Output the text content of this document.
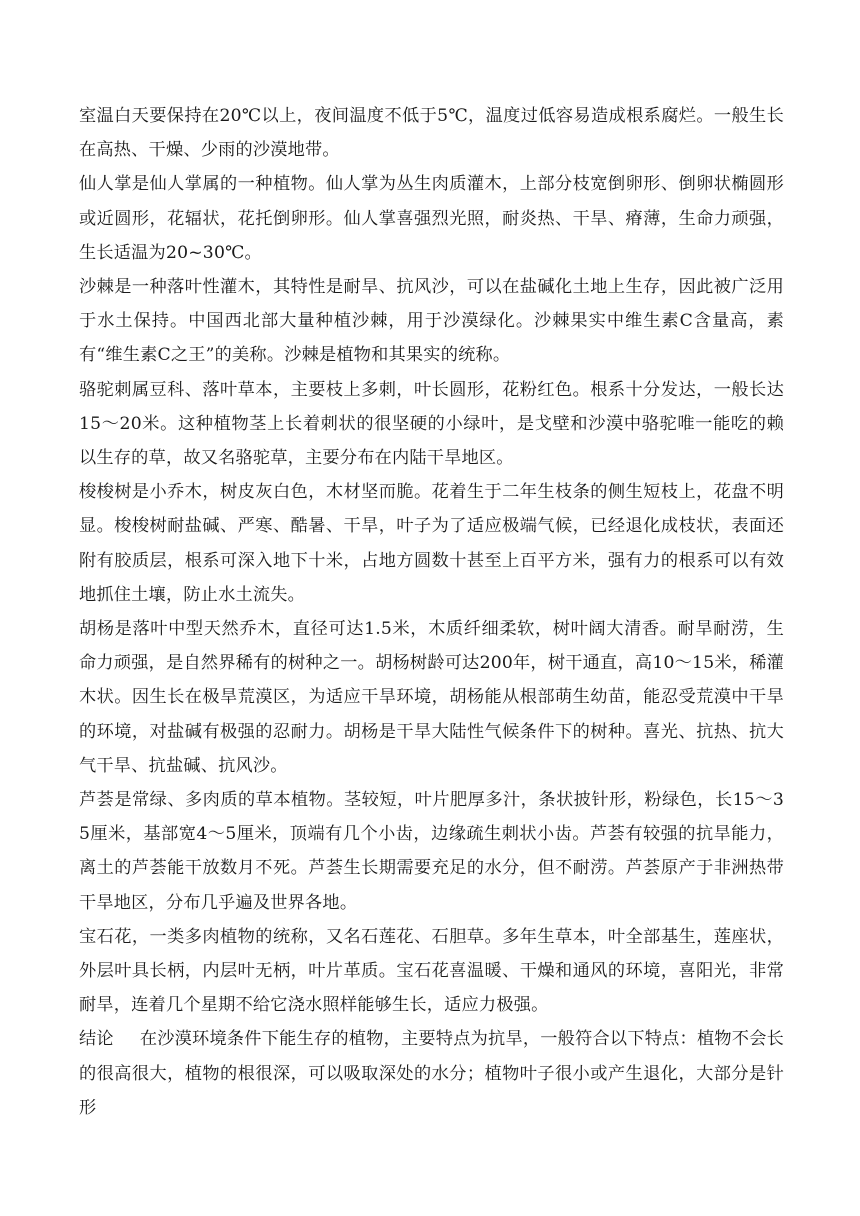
室温白天要保持在20℃以上，夜间温度不低于5℃，温度过低容易造成根系腐烂。一般生长在高热、干燥、少雨的沙漠地带。

仙人掌是仙人掌属的一种植物。仙人掌为丛生肉质灌木，上部分枝宽倒卵形、倒卵状椭圆形或近圆形，花辐状，花托倒卵形。仙人掌喜强烈光照，耐炎热、干旱、瘠薄，生命力顽强，生长适温为20~30℃。

沙棘是一种落叶性灌木，其特性是耐旱、抗风沙，可以在盐碱化土地上生存，因此被广泛用于水土保持。中国西北部大量种植沙棘，用于沙漠绿化。沙棘果实中维生素C含量高，素有“维生素C之王”的美称。沙棘是植物和其果实的统称。

骆驼刺属豆科、落叶草本，主要枝上多刺，叶长圆形，花粉红色。根系十分发达，一般长达15～20米。这种植物茎上长着刺状的很坚硬的小绿叶，是戈壁和沙漠中骆驼唯一能吃的赖以生存的草，故又名骆驼草，主要分布在内陆干旱地区。

梭梭树是小乔木，树皮灰白色，木材坚而脆。花着生于二年生枝条的侧生短枝上，花盘不明显。梭梭树耐盐碱、严寒、酷暑、干旱，叶子为了适应极端气候，已经退化成枝状，表面还附有胶质层，根系可深入地下十米，占地方圆数十甚至上百平方米，强有力的根系可以有效地抓住土壤，防止水土流失。

胡杨是落叶中型天然乔木，直径可达1.5米，木质纤细柔软，树叶阔大清香。耐旱耐涝，生命力顽强，是自然界稀有的树种之一。胡杨树龄可达200年，树干通直，高10～15米，稀灌木状。因生长在极旱荒漠区，为适应干旱环境，胡杨能从根部萌生幼苗，能忍受荒漠中干旱的环境，对盐碱有极强的忍耐力。胡杨是干旱大陆性气候条件下的树种。喜光、抗热、抗大气干旱、抗盐碱、抗风沙。

芦荟是常绿、多肉质的草本植物。茎较短，叶片肥厚多汁，条状披针形，粉绿色，长15～35厘米，基部宽4～5厘米，顶端有几个小齿，边缘疏生刺状小齿。芦荟有较强的抗旱能力，离土的芦荟能干放数月不死。芦荟生长期需要充足的水分，但不耐涝。芦荟原产于非洲热带干旱地区，分布几乎遍及世界各地。

宝石花，一类多肉植物的统称，又名石莲花、石胆草。多年生草本，叶全部基生，莲座状，外层叶具长柄，内层叶无柄，叶片革质。宝石花喜温暖、干燥和通风的环境，喜阳光，非常耐旱，连着几个星期不给它浇水照样能够生长，适应力极强。

结论 在沙漠环境条件下能生存的植物，主要特点为抗旱，一般符合以下特点：植物不会长的很高很大，植物的根很深，可以吸取深处的水分；植物叶子很小或产生退化，大部分是针形
